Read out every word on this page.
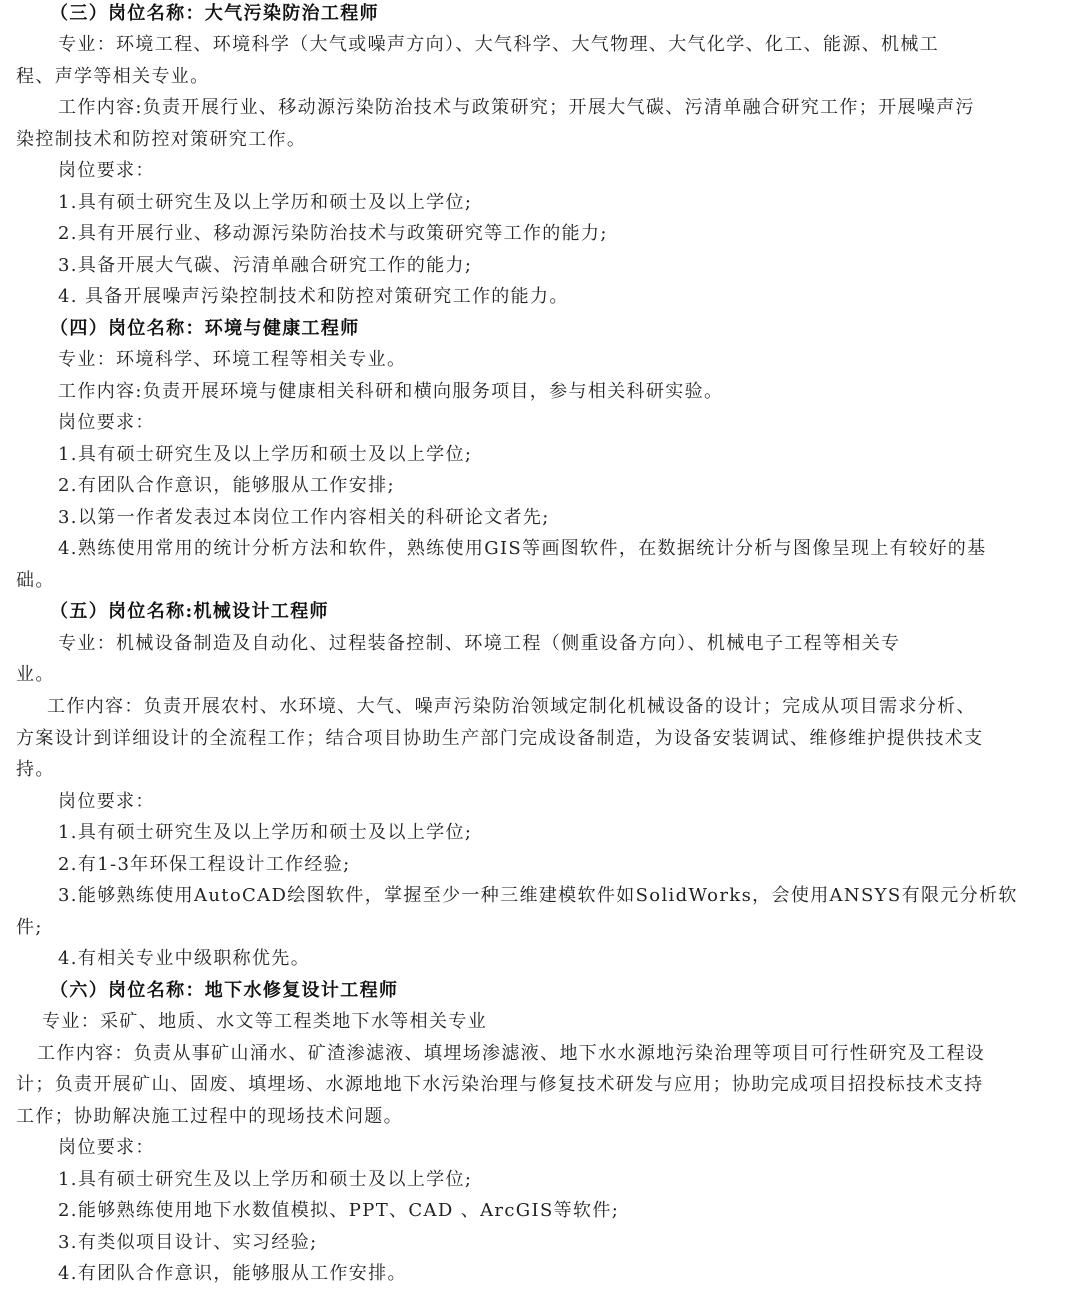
（三）岗位名称：大气污染防治工程师
专业：环境工程、环境科学（大气或噪声方向）、大气科学、大气物理、大气化学、化工、能源、机械工
程、声学等相关专业。
工作内容:负责开展行业、移动源污染防治技术与政策研究；开展大气碳、污清单融合研究工作；开展噪声污
染控制技术和防控对策研究工作。
岗位要求：
1.具有硕士研究生及以上学历和硕士及以上学位;
2.具有开展行业、移动源污染防治技术与政策研究等工作的能力;
3.具备开展大气碳、污清单融合研究工作的能力;
4. 具备开展噪声污染控制技术和防控对策研究工作的能力。
（四）岗位名称：环境与健康工程师
专业：环境科学、环境工程等相关专业。
工作内容:负责开展环境与健康相关科研和横向服务项目，参与相关科研实验。
岗位要求：
1.具有硕士研究生及以上学历和硕士及以上学位;
2.有团队合作意识，能够服从工作安排;
3.以第一作者发表过本岗位工作内容相关的科研论文者先;
4.熟练使用常用的统计分析方法和软件，熟练使用GIS等画图软件，在数据统计分析与图像呈现上有较好的基
础。
（五）岗位名称:机械设计工程师
专业：机械设备制造及自动化、过程装备控制、环境工程（侧重设备方向）、机械电子工程等相关专
业。
工作内容：负责开展农村、水环境、大气、噪声污染防治领域定制化机械设备的设计；完成从项目需求分析、
方案设计到详细设计的全流程工作；结合项目协助生产部门完成设备制造，为设备安装调试、维修维护提供技术支
持。
岗位要求：
1.具有硕士研究生及以上学历和硕士及以上学位;
2.有1-3年环保工程设计工作经验;
3.能够熟练使用AutoCAD绘图软件，掌握至少一种三维建模软件如SolidWorks，会使用ANSYS有限元分析软
件;
4.有相关专业中级职称优先。
（六）岗位名称：地下水修复设计工程师
专业：采矿、地质、水文等工程类地下水等相关专业
工作内容：负责从事矿山涌水、矿渣渗滤液、填埋场渗滤液、地下水水源地污染治理等项目可行性研究及工程设
计；负责开展矿山、固废、填埋场、水源地地下水污染治理与修复技术研发与应用；协助完成项目招投标技术支持
工作；协助解决施工过程中的现场技术问题。
岗位要求：
1.具有硕士研究生及以上学历和硕士及以上学位;
2.能够熟练使用地下水数值模拟、PPT、CAD 、ArcGIS等软件;
3.有类似项目设计、实习经验;
4.有团队合作意识，能够服从工作安排。
